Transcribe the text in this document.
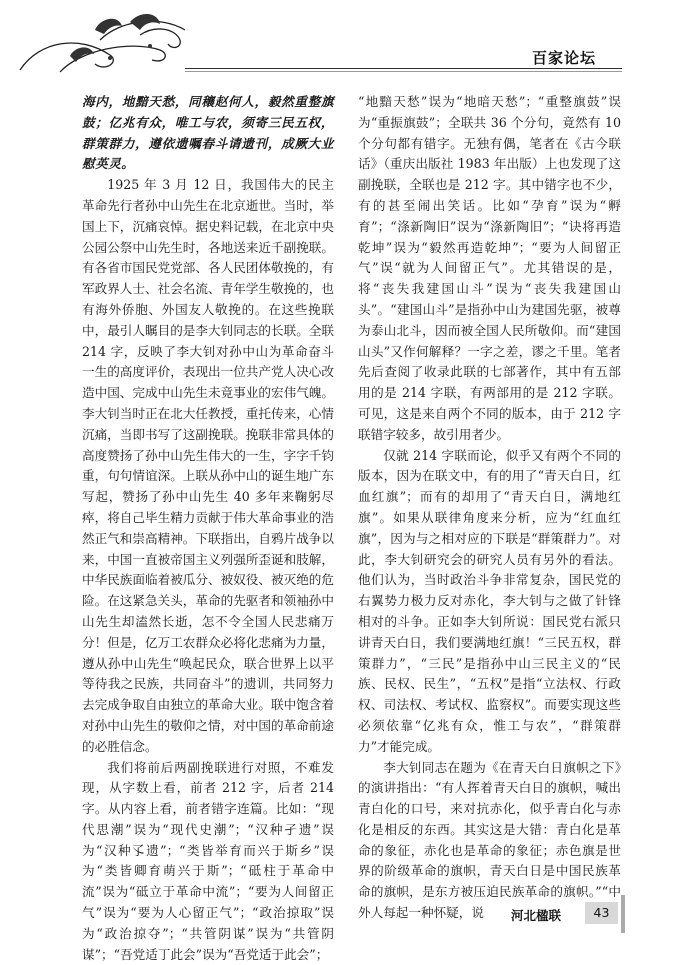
百家论坛

海内，地黯天愁，同穰赵何人，毅然重整旗鼓；亿兆有众，唯工与农，须寄三民五权，群策群力，遵依遗嘱春斗请遗刊，成厥大业慰英灵。

1925 年 3 月 12 日，我国伟大的民主革命先行者孙中山先生在北京逝世。当时，举国上下，沉痛哀悼。据史料记载，在北京中央公园公祭中山先生时，各地送来近千副挽联。有各省市国民党党部、各人民团体敬挽的，有军政界人士、社会名流、青年学生敬挽的，也有海外侨胞、外国友人敬挽的。在这些挽联中，最引人瞩目的是李大钊同志的长联。全联 214 字，反映了李大钊对孙中山为革命奋斗一生的高度评价，表现出一位共产党人决心改造中国、完成中山先生未竟事业的宏伟气魄。李大钊当时正在北大任教授，重托传来，心情沉痛，当即书写了这副挽联。挽联非常具体的高度赞扬了孙中山先生伟大的一生，字字千钧重，句句情谊深。上联从孙中山的诞生地广东写起，赞扬了孙中山先生 40 多年来鞠躬尽瘁，将自己毕生精力贡献于伟大革命事业的浩然正气和崇高精神。下联指出，自鸦片战争以来，中国一直被帝国主义列强所歪诞和肢解，中华民族面临着被瓜分、被奴役、被灭绝的危险。在这紧急关头，革命的先驱者和领袖孙中山先生却溘然长逝，怎不令全国人民悲痛万分！但是，亿万工农群众必将化悲痛为力量，遵从孙中山先生“唤起民众，联合世界上以平等待我之民族，共同奋斗”的遗训，共同努力去完成争取自由独立的革命大业。联中饱含着对孙中山先生的敬仰之情，对中国的革命前途的必胜信念。

我们将前后两副挽联进行对照，不难发现，从字数上看，前者 212 字，后者 214 字。从内容上看，前者错字连篇。比如：“现代思潮”误为“现代史潮”；“汉种孑遗”误为“汉种孓遗”；“类皆举育而兴于斯乡”误为“类皆卿育萌兴于斯”；“砥柱于革命中流”误为“砥立于革命中流”；“要为人间留正气”误为“要为人心留正气”；“政治掠取”误为“政治掠夺”；“共管阴谋”误为“共管阴谋”；“吾党适丁此会”误为“吾党适于此会”；

“地黯天愁”误为“地暗天愁”；“重整旗鼓”误为“重振旗鼓”；全联共 36 个分句，竟然有 10 个分句都有错字。无独有偶，笔者在《古今联话》（重庆出版社 1983 年出版）上也发现了这副挽联，全联也是 212 字。其中错字也不少，有的甚至闹出笑话。比如“孕育”误为“孵育”；“涤新陶旧”误为“涤新陶旧”；“诀将再造乾坤”误为“毅然再造乾坤”；“要为人间留正气”误“就为人间留正气”。尤其错误的是，将“丧失我建国山斗”误为“丧失我建国山头”。“建国山斗”是指孙中山为建国先驱，被尊为泰山北斗，因而被全国人民所敬仰。而“建国山头”又作何解释？一字之差，谬之千里。笔者先后查阅了收录此联的七部著作，其中有五部用的是 214 字联，有两部用的是 212 字联。可见，这是来自两个不同的版本，由于 212 字联错字较多，故引用者少。

仅就 214 字联而论，似乎又有两个不同的版本，因为在联文中，有的用了“青天白日，红血红旗”；而有的却用了“青天白日，满地红旗”。如果从联律角度来分析，应为“红血红旗”，因为与之相对应的下联是“群策群力”。对此，李大钊研究会的研究人员有另外的看法。他们认为，当时政治斗争非常复杂，国民党的右翼势力极力反对赤化，李大钊与之做了针锋相对的斗争。正如李大钊所说：国民党右派只讲青天白日，我们要满地红旗！“三民五权，群策群力”，“三民”是指孙中山三民主义的“民族、民权、民生”，“五权”是指“立法权、行政权、司法权、考试权、监察权”。而要实现这些必须依靠“亿兆有众，惟工与农”，“群策群力”才能完成。

李大钊同志在题为《在青天白日旗帜之下》的演讲指出：“有人挥着青天白日的旗帜，喊出青白化的口号，来对抗赤化，似乎青白化与赤化是相反的东西。其实这是大错：青白化是革命的象征，赤化也是革命的象征；赤色旗是世界的阶级革命的旗帜，青天白日是中国民族革命的旗帜，是东方被压迫民族革命的旗帜。”“中外人每起一种怀疑，说	河北楹联	43
